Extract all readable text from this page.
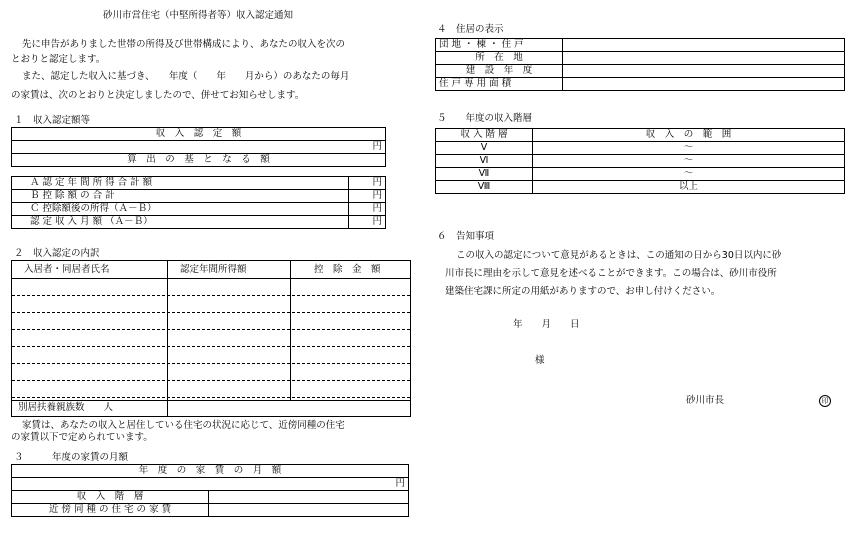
砂川市営住宅（中堅所得者等）収入認定通知
先に申告がありました世帯の所得及び世帯構成により、あなたの収入を次の
とおりと認定します。
また、認定した収入に基づき、　　年度（　　年　　月から）のあなたの毎月
の家賃は、次のとおりと決定しましたので、併せてお知らせします。
１　収入認定額等
収　入　認　定　額
円
算　出　の　基　と　な　る　額
Ａ 認 定 年 間 所 得 合 計 額	円
Ｂ 控 除 額 の 合 計	円
Ｃ 控除額後の所得（Ａ－Ｂ）	円
認 定 収 入 月 額 （Ａ－Ｂ）	円
２　収入認定の内訳
入居者・同居者氏名	認定年間所得額	控　除　金　額
別居扶養親族数　　 人
家賃は、あなたの収入と居住している住宅の状況に応じて、近傍同種の住宅
の家賃以下で定められています。
３　　　年度の家賃の月額
年　度　の　家　賃　の　月　額	
円	
収　入　階　層	
近 傍 同 種 の 住 宅 の 家 賃	
４　住居の表示
団 地 ・ 棟 ・ 住 戸	
所　在　地	
建　設　年　度	
住 戸 専 用 面 積	
５　　年度の収入階層
収 入 階 層	収　入　の　範　囲
Ⅴ	～
Ⅵ	～
Ⅶ	～
Ⅷ	以上
６　告知事項
この収入の認定について意見があるときは、この通知の日から30日以内に砂
川市長に理由を示して意見を述べることができます。この場合は、砂川市役所
建築住宅課に所定の用紙がありますので、お申し付けください。
年　　月　　日
様
砂川市長	印
